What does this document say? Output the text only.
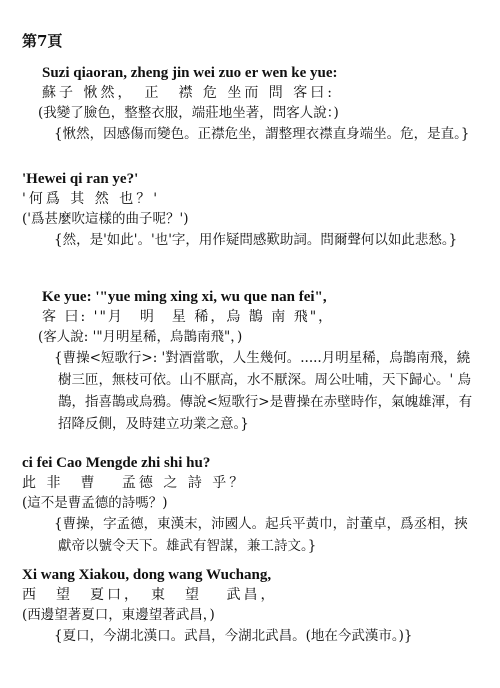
第7頁
Suzi qiaoran, zheng jin wei zuo er wen ke yue:
蘇子 愀然，　正　襟 危 坐而 問 客曰:
(我變了臉色，整整衣服，端莊地坐著，問客人說：)
{愀然，因感傷而變色。正襟危坐，謂整理衣襟直身端坐。危，是直。}
'Hewei qi ran ye?'
'何爲 其 然 也？'
('爲甚麼吹這樣的曲子呢？')
{然，是'如此'。'也'字，用作疑問感歎助詞。問爾聲何以如此悲愁。}
Ke yue: '"yue ming xing xi, wu que nan fei",
客 曰: '"月　明　星 稀，烏 鵲 南 飛"，
(客人說: '"月明星稀，烏鵲南飛"，)
{曹操<短歌行>: '對酒當歌，人生幾何。.....月明星稀，烏鵲南飛，繞樹三匝，無枝可依。山不厭高，水不厭深。周公吐哺，天下歸心。' 烏鵲，指喜鵲或烏鴉。傳說<短歌行>是曹操在赤壁時作，氣魄雄渾，有招降反側，及時建立功業之意。}
ci fei Cao Mengde zhi shi hu?
此 非　曹　 孟德 之 詩 乎？
(這不是曹孟德的詩嗎？)
{曹操，字孟德，東漢末，沛國人。起兵平黃巾，討董卓，爲丞相，挾獻帝以號令天下。雄武有智謀，兼工詩文。}
Xi wang Xiakou, dong wang Wuchang,
西　望　夏口，　東　望　 武昌，
(西邊望著夏口，東邊望著武昌，)
{夏口，今湖北漢口。武昌，今湖北武昌。(地在今武漢市。)}
